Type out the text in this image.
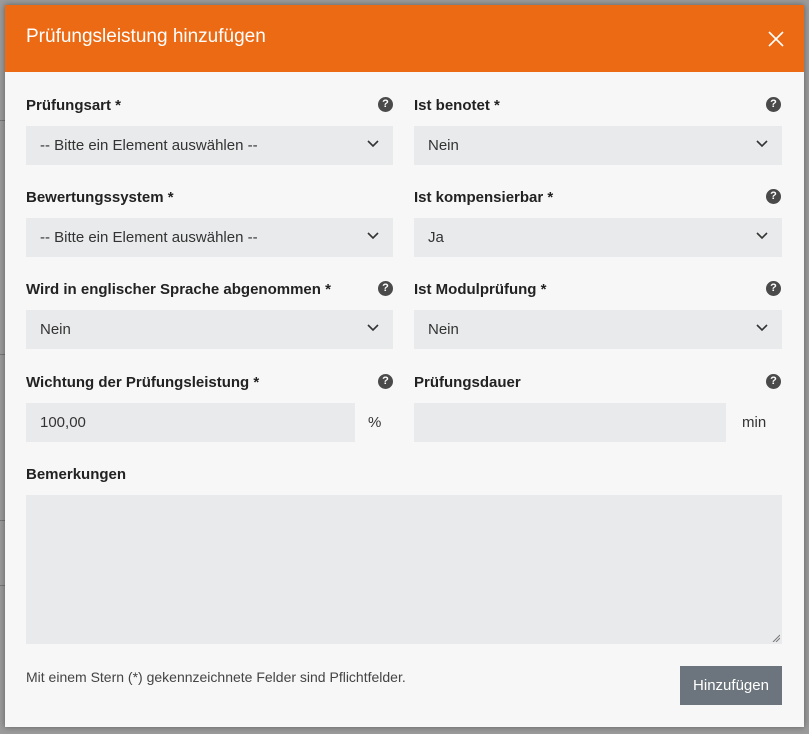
Prüfungsleistung hinzufügen
Prüfungsart *	?
-- Bitte ein Element auswählen --
Ist benotet *	?
Nein
Bewertungssystem *
-- Bitte ein Element auswählen --
Ist kompensierbar *	?
Ja
Wird in englischer Sprache abgenommen *	?
Nein
Ist Modulprüfung *	?
Nein
Wichtung der Prüfungsleistung *	?
100,00	%
Prüfungsdauer	?
min
Bemerkungen
Mit einem Stern (*) gekennzeichnete Felder sind Pflichtfelder.	Hinzufügen
